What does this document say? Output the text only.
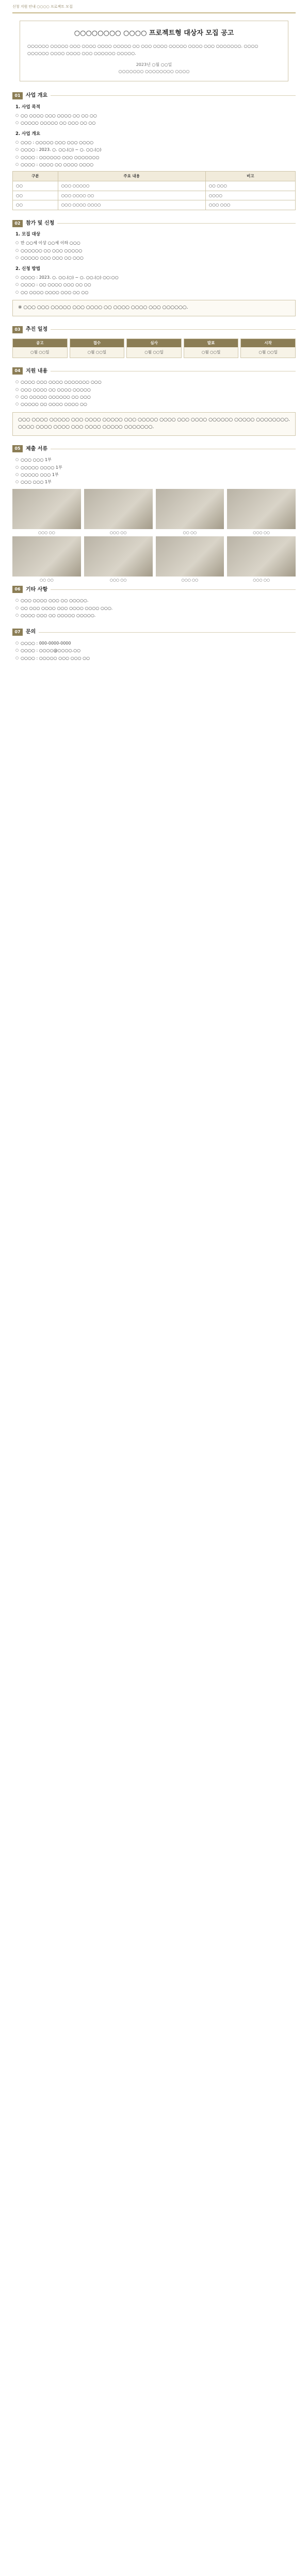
신청 지원 안내 ○○○○ 프로젝트 모집
○○○○○○○○ ○○○○ 프로젝트형 대상자 모집 공고
○○○○○○ ○○○○○ ○○○ ○○○○ ○○○○ ○○○○○ ○○ ○○○ ○○○○ ○○○○○ ○○○○ ○○○ ○○○○○○○. ○○○○ ○○○○○○ ○○○○ ○○○○ ○○○ ○○○○○○ ○○○○○.
2023년 ○월 ○○일
○○○○○○○ ○○○○○○○○ ○○○○
01	사업 개요
1. 사업 목적
○ ○○ ○○○○ ○○○ ○○○○ ○○ ○○ ○○
○ ○○○○○ ○○○○○ ○○ ○○○ ○○ ○○
2. 사업 개요
○ ○○○ : ○○○○○ ○○○ ○○○ ○○○○
○ ○○○○ : 2023. ○. ○○.(○) ~ ○. ○○.(○)
○ ○○○○ : ○○○○○○ ○○○ ○○○○○○○
○ ○○○○ : ○○○○ ○○ ○○○○ ○○○○
구분	주요 내용	비고
○○	○○○ ○○○○○	○○ ○○○
○○	○○○ ○○○○ ○○	○○○○
○○	○○○ ○○○○ ○○○○	○○○ ○○○
02	참가 및 신청
1. 모집 대상
○ 만 ○○세 이상 ○○세 이하 ○○○
○ ○○○○○○ ○○ ○○○ ○○○○○
○ ○○○○○ ○○○ ○○○ ○○ ○○○
2. 신청 방법
○ ○○○○ : 2023. ○. ○○.(○) ~ ○. ○○.(○) ○○:○○
○ ○○○○ : ○○ ○○○○ ○○○ ○○ ○○
○ ○○ ○○○○ ○○○○ ○○○ ○○ ○○
※ ○○○ ○○○ ○○○○○ ○○○ ○○○○ ○○ ○○○○ ○○○○ ○○○ ○○○○○○.
03	추진 일정
공고
○월 ○○일
접수
○월 ○○일
심사
○월 ○○일
발표
○월 ○○일
시작
○월 ○○일
04	지원 내용
○ ○○○○ ○○○ ○○○○ ○○○○○○○ ○○○
○ ○○○ ○○○○ ○○ ○○○○ ○○○○○
○ ○○ ○○○○○ ○○○○○○ ○○ ○○○
○ ○○○○○ ○○ ○○○○ ○○○○ ○○
○○○ ○○○○ ○○○○○ ○○○ ○○○○ ○○○○○ ○○○ ○○○○○ ○○○○ ○○○ ○○○○ ○○○○○○ ○○○○○ ○○○○○○○○. ○○○○ ○○○○ ○○○○ ○○○ ○○○○ ○○○○○ ○○○○○○○.
05	제출 서류
○ ○○○ ○○○ 1부
○ ○○○○○ ○○○○ 1부
○ ○○○○○ ○○○ 1부
○ ○○○ ○○○ 1부
○○○ ○○	○○○ ○○	○○ ○○	○○○ ○○
○○ ○○	○○○ ○○	○○○ ○○	○○○ ○○
06	기타 사항
○ ○○○ ○○○○ ○○○ ○○ ○○○○○.
○ ○○ ○○○ ○○○○ ○○○ ○○○○ ○○○○ ○○○.
○ ○○○○ ○○○ ○○ ○○○○○ ○○○○○.
07	문의
○ ○○○○ : 000-0000-0000
○ ○○○○ : ○○○○@○○○○.○○
○ ○○○○ : ○○○○○ ○○○ ○○○ ○○
